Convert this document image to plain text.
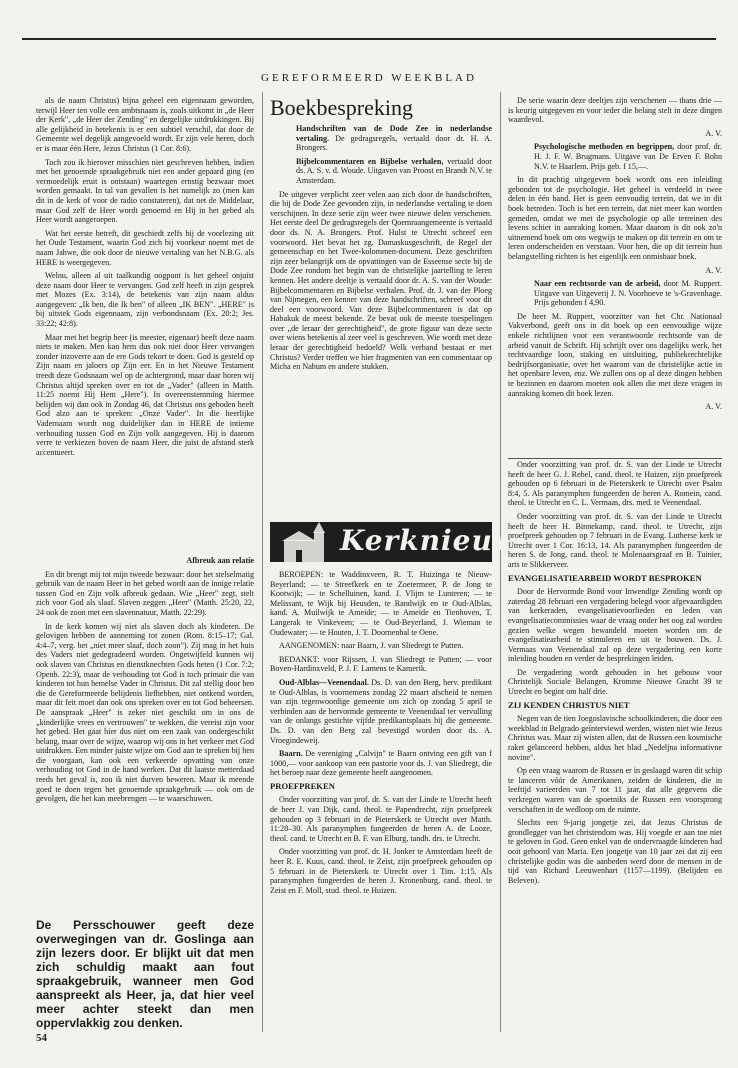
GEREFORMEERD WEEKBLAD

als de naam Christus) bijna geheel een eigennaam geworden, terwijl Heer ten volle een ambtsnaam is, zoals uitkomt in „de Heer der Kerk", „de Heer der Zending" en dergelijke uitdrukkingen. Bij alle gelijkheid in betekenis is er een subtiel verschil, dat door de Gemeente wel degelijk aangevoeld wordt. Er zijn vele heren, doch er is maar één Here, Jezus Christus (1 Cor. 8:6).

Toch zou ik hierover misschien niet geschreven hebben, indien met het genoemde spraakgebruik niet een ander gepaard ging (en vermoedelijk eruit is ontstaan) waartegen ernstig bezwaar moet worden gemaakt. In tal van gevallen is het namelijk zo (men kan dit in de kerk of voor de radio constateren), dat net de Middelaar, maar God zelf de Heer wordt genoemd en Hij in het gebed als Heer wordt aangeroepen.

Wat het eerste betreft, dit geschiedt zelfs bij de voorlezing uit het Oude Testament, waarin God zich bij voorkeur noemt met de naam Jahwe, die ook door de nieuwe vertaling van het N.B.G. als HERE is weergegeven.

Welnu, alleen al uit taalkundig oogpunt is het geheel onjuist deze naam door Heer te vervangen. God zelf heeft in zijn gesprek met Mozes (Ex. 3:14), de betekenis van zijn naam aldus aangegeven: „Ik ben, die Ik ben" of alleen „IK BEN". „HERE" is bij uitstek Gods eigennaam, zijn verbondsnaam (Ex. 20:2; Jes. 33:22; 42:8).

Maar met het begrip heer (is meester, eigenaar) heeft deze naam niets te maken. Men kan hem dus ook niet door Heer vervangen zonder inzoverre aan de ere Gods tekort te doen. God is gesteld op Zijn naam en jaloers op Zijn eer. En in het Nieuwe Testament treedt deze Godsnaam wel op de achtergrond, maar daar horen wij Christus altijd spreken over en tot de „Vader" (alleen in Matth. 11:25 noemt Hij Hem „Here"). In overeenstemming hiermee belijden wij dan ook in Zondag 46, dat Christus ons geboden heeft God alzo aan te spreken: „Onze Vader". In die heerlijke Vadernaam wordt nog duidelijker dan in HERE de intieme verhouding tussen God en Zijn volk aangegeven. Hij is daarom verre te verkiezen boven de naam Heer, die juist de afstand sterk accentueert.

Afbreuk aan relatie

En dit brengt mij tot mijn tweede bezwaar: door het stelselmatig gebruik van de naam Heer in het gebed wordt aan de innige relatie tussen God en Zijn volk afbreuk gedaan. Wie „Heer" zegt, stelt zich voor God als slaaf. Slaven zeggen „Heer" (Matth. 25:20, 22, 24 ook de zoon met een slavennatuur, Matth. 22:29).

In de kerk komen wij niet als slaven doch als kinderen. De gelovigen hebben de aanneming tot zonen (Rom. 8:15–17; Gal. 4:4–7, verg. het „niet meer slaaf, doch zoon"). Zij mag in het huis des Vaders niet gedegradeerd worden. Ongetwijfeld kunnen wij ook slaven van Christus en dienstknechten Gods heten (1 Cor. 7:2; Openb. 22:3), maar de verhouding tot God is toch primair die van kinderen tot hun hemelse Vader in Christus. Dit zal stellig door hen die de Gereformeerde belijdenis liefhebben, niet ontkend worden, maar dit feit moet dan ook ons spreken over en tot God beheersen. De aanspraak „Heer" is zeker niet geschikt om in ons de „kinderlijke vrees en vertrouwen" te wekken, die vereist zijn voor het gebed. Het gaat hier dus niet om een zaak van ondergeschikt belang, maar over de wijze, waarop wij ons in het verkeer met God uitdrukken. Een minder juiste wijze om God aan te spreken bij hen die voorgaan, kan ook een verkeerde opvatting van onze verhouding tot God in de hand werken. Dat dit laatste metterdaad reeds het geval is, zou ik niet durven beweren. Maar ik meende goed te doen tegen het genoemde spraakgebruik — ook om de gevolgen, die het kan meebrengen — te waarschuwen.

De Persschouwer geeft deze overwegingen van dr. Goslinga aan zijn lezers door. Er blijkt uit dat men zich schuldig maakt aan fout spraakgebruik, wanneer men God aanspreekt als Heer, ja, dat hier veel meer achter steekt dan men oppervlakkig zou denken.
54
Boekbespreking

Handschriften van de Dode Zee in nederlandse vertaling. De gedragsregels, vertaald door dr. H. A. Brongers.

Bijbelcommentaren en Bijbelse verhalen, vertaald door ds. A. S. v. d. Woude. Uitgaven van Proost en Brandt N.V. te Amsterdam.

De uitgever verplicht zeer velen aan zich door de handschriften, die bij de Dode Zee gevonden zijn, in nederlandse vertaling te doen verschijnen. In deze serie zijn weer twee nieuwe delen verschenen. Het eerste deel De gedragsregels der Qoemraangemeente is vertaald door ds. N. A. Brongers. Prof. Hulst te Utrecht schreef een voorwoord. Het bevat het zg. Damaskusgeschrift, de Regel der gemeenschap en het Twee-kolommen-document. Deze geschriften zijn zeer belangrijk om de opvattingen van de Esseense secte bij de Dode Zee rondom het begin van de christelijke jaartelling te leren kennen. Het andere deeltje is vertaald door dr. A. S. van der Woude: Bijbelcommentaren en Bijbelse verhalen. Prof. dr. J. van der Ploeg van Nijmegen, een kenner van deze handschriften, schreef voor dit deel een voorwoord. Van deze Bijbelcommentaren is dat op Habakuk de meest bekende. Ze bevat ook de meeste toespelingen over „de leraar der gerechtigheid", de grote figuur van deze secte over wiens betekenis al zeer veel is geschreven. Wie wordt met deze leraar der gerechtigheid bedoeld? Welk verband bestaat er met Christus? Verder treffen we hier fragmenten van een commentaar op Micha en Nahum en andere stukken.

Kerknieuws

BEROEPEN: te Waddinxveen, R. T. Huizinga te Nieuw-Beyerland; — te Streefkerk en te Zoetermeer, P. de Jong te Kootwijk; — te Schelluinen, kand. J. Vlijm te Lunteren; — te Melissant, te Wijk bij Heusden, te Randwijk en te Oud-Alblas, kand. A. Muilwijk te Ameide; — te Ameide en Tienhoven, T. Langerak te Vinkeveen; — te Oud-Beyerland, J. Wieman te Oudewater; — te Houten, J. T. Doornenbal te Oene.

AANGENOMEN: naar Baarn, J. van Sliedregt te Putten.

BEDANKT: voor Rijssen, J. van Sliedregt te Putten; — voor Boven-Hardinxveld, P. J. F. Lamens te Kamerik.

Oud-Alblas—Veenendaal. Ds. D. van den Berg, herv. predikant te Oud-Alblas, is voornemens zondag 22 maart afscheid te nemen van zijn tegenwoordige gemeente om zich op zondag 5 april te verbinden aan de hervormde gemeente te Veenendaal ter vervulling van de onlangs gestichte vijfde predikantsplaats bij die gemeente. Ds. D. van den Berg zal bevestigd worden door ds. A. Vroegindeweij.

Baarn. De vereniging „Calvijn" te Baarn ontving een gift van f 1000,— voor aankoop van een pastorie voor ds. J. van Sliedregt, die het beroep naar deze gemeente heeft aangenomen.

PROEFPREKEN

Onder voorzitting van prof. dr. S. van der Linde te Utrecht heeft de heer J. van Dijk, cand. theol. te Papendrecht, zijn proefpreek gehouden op 3 februari in de Pieterskerk te Utrecht over Matth. 11:28–30. Als paranymphen fungeerden de heren A. de Looze, theol. cand. te Utrecht en B. F. van Elburg, tandh. drs. te Utrecht.

Onder voorzitting van prof. dr. H. Jonker te Amsterdam heeft de heer R. E. Kuus, cand. theol. te Zeist, zijn proefpreek gehouden op 5 februari in de Pieterskerk te Utrecht over 1 Tim. 1:15. Als paranymphen fungeerden de heren J. Kronenburg, cand. theol. te Zeist en F. Moll, stud. theol. te Huizen.

De serie waarin deze deeltjes zijn verschenen — thans drie — is keurig uitgegeven en voor ieder die belang stelt in deze dingen waardevol.

A. V.

Psychologische methoden en begrippen, door prof. dr. H. J. F. W. Brugmans. Uitgave van De Erven F. Bohn N.V. te Haarlem. Prijs geb. f 15,—.

In dit prachtig uitgegeven boek wordt ons een inleiding gebonden tot de psychologie. Het geheel is verdeeld in twee delen in één band. Het is geen eenvoudig terrein, dat we in dit boek betreden. Toch is het een terrein, dat niet meer kan worden gemeden, omdat we met de psychologie op alle terreinen des levens schier in aanraking komen. Maar daarom is dit ook zo'n uitnemend boek om ons wegwijs te maken op dit terrein en om te leren onderscheiden en verstaan. Voor hen, die op dit terrein hun belangstelling richten is het eigenlijk een onmisbaar boek.

A. V.

Naar een rechtsorde van de arbeid, door M. Ruppert. Uitgave van Uitgeverij J. N. Voorhoeve te 's-Gravenhage. Prijs gebonden f 4,90.

De heer M. Ruppert, voorzitter van het Chr. Nationaal Vakverbond, geeft ons in dit boek op een eenvoudige wijze enkele richtlijnen voor een verantwoorde rechtsorde van de arbeid vanuit de Schrift. Hij schrijft over ons dagelijks werk, het rechtvaardige loon, staking en uitsluiting, publiekrechtelijke bedrijfsorganisatie, over het waarom van de christelijke actie in het openbare leven, enz. We zullen ons op al deze dingen hebben te bezinnen en daarom moeten ook allen die met deze vragen in aanraking komen dit boek lezen.

A. V.

Onder voorzitting van prof. dr. S. van der Linde te Utrecht heeft de heer G. J. Rebel, cand. theol. te Huizen, zijn proefpreek gehouden op 6 februari in de Pieterskerk te Utrecht over Psalm 8:4, 5. Als paranymphen fungeerden de heren A. Romein, cand. theol. te Utrecht en C. L. Vermaas, drs. med. te Veenendaal.

Onder voorzitting van prof. dr. S. van der Linde te Utrecht heeft de heer H. Binnekamp, cand. theol. te Utrecht, zijn proefpreek gehouden op 7 februari in de Evang. Lutherse kerk te Utrecht over 1 Cor. 16:13, 14. Als paranymphen fungeerden de heren S. de Jong, cand. theol. te Molenaarsgraaf en B. Tuinier, arts te Slikkerveer.

EVANGELISATIEARBEID WORDT BESPROKEN

Door de Hervormde Bond voor Inwendige Zending wordt op zaterdag 28 februari een vergadering belegd voor afgevaardigden van kerkeraden, evangelisatievoorlieden en leden van evangelisatiecommissies waar de vraag onder het oog zal worden gezien welke wegen bewandeld moeten worden om de evangelisatiearbeid te stimuleren en uit te bouwen. Ds. J. Vermaas van Veenendaal zal op deze vergadering een korte inleiding houden en verder de besprekingen leiden.

De vergadering wordt gehouden in het gebouw voor Christelijk Sociale Belangen, Kromme Nieuwe Gracht 39 te Utrecht en begint om half drie.

ZIJ KENDEN CHRISTUS NIET

Negen van de tien Joegoslavische schoolkinderen, die door een weekblad in Belgrado geïnterviewd werden, wisten niet wie Jezus Christus was. Maar zij wisten allen, dat de Russen een kosmische raket gelanceerd hebben, aldus het blad „Nedeljna informativne novine".

Op een vraag waarom de Russen er in geslaagd waren dit schip te lanceren vóór de Amerikanen, zeiden de kinderen, die in leeftijd varieerden van 7 tot 11 jaar, dat alle gegevens die verkregen waren van de spoetniks de Russen een voorsprong verschaften in de wedloop om de ruimte.

Slechts een 9-jarig jongetje zei, dat Jezus Christus de grondlegger van het christendom was. Hij voegde er aan toe niet te geloven in God. Geen enkel van de ondervraagde kinderen had ooit gehoord van Maria. Een jongetje van 10 jaar zei dat zij een christelijke godin was die aanbeden werd door de mensen in de tijd van Richard Leeuwenhart (1157—1199). (Belijden en Beleven).
